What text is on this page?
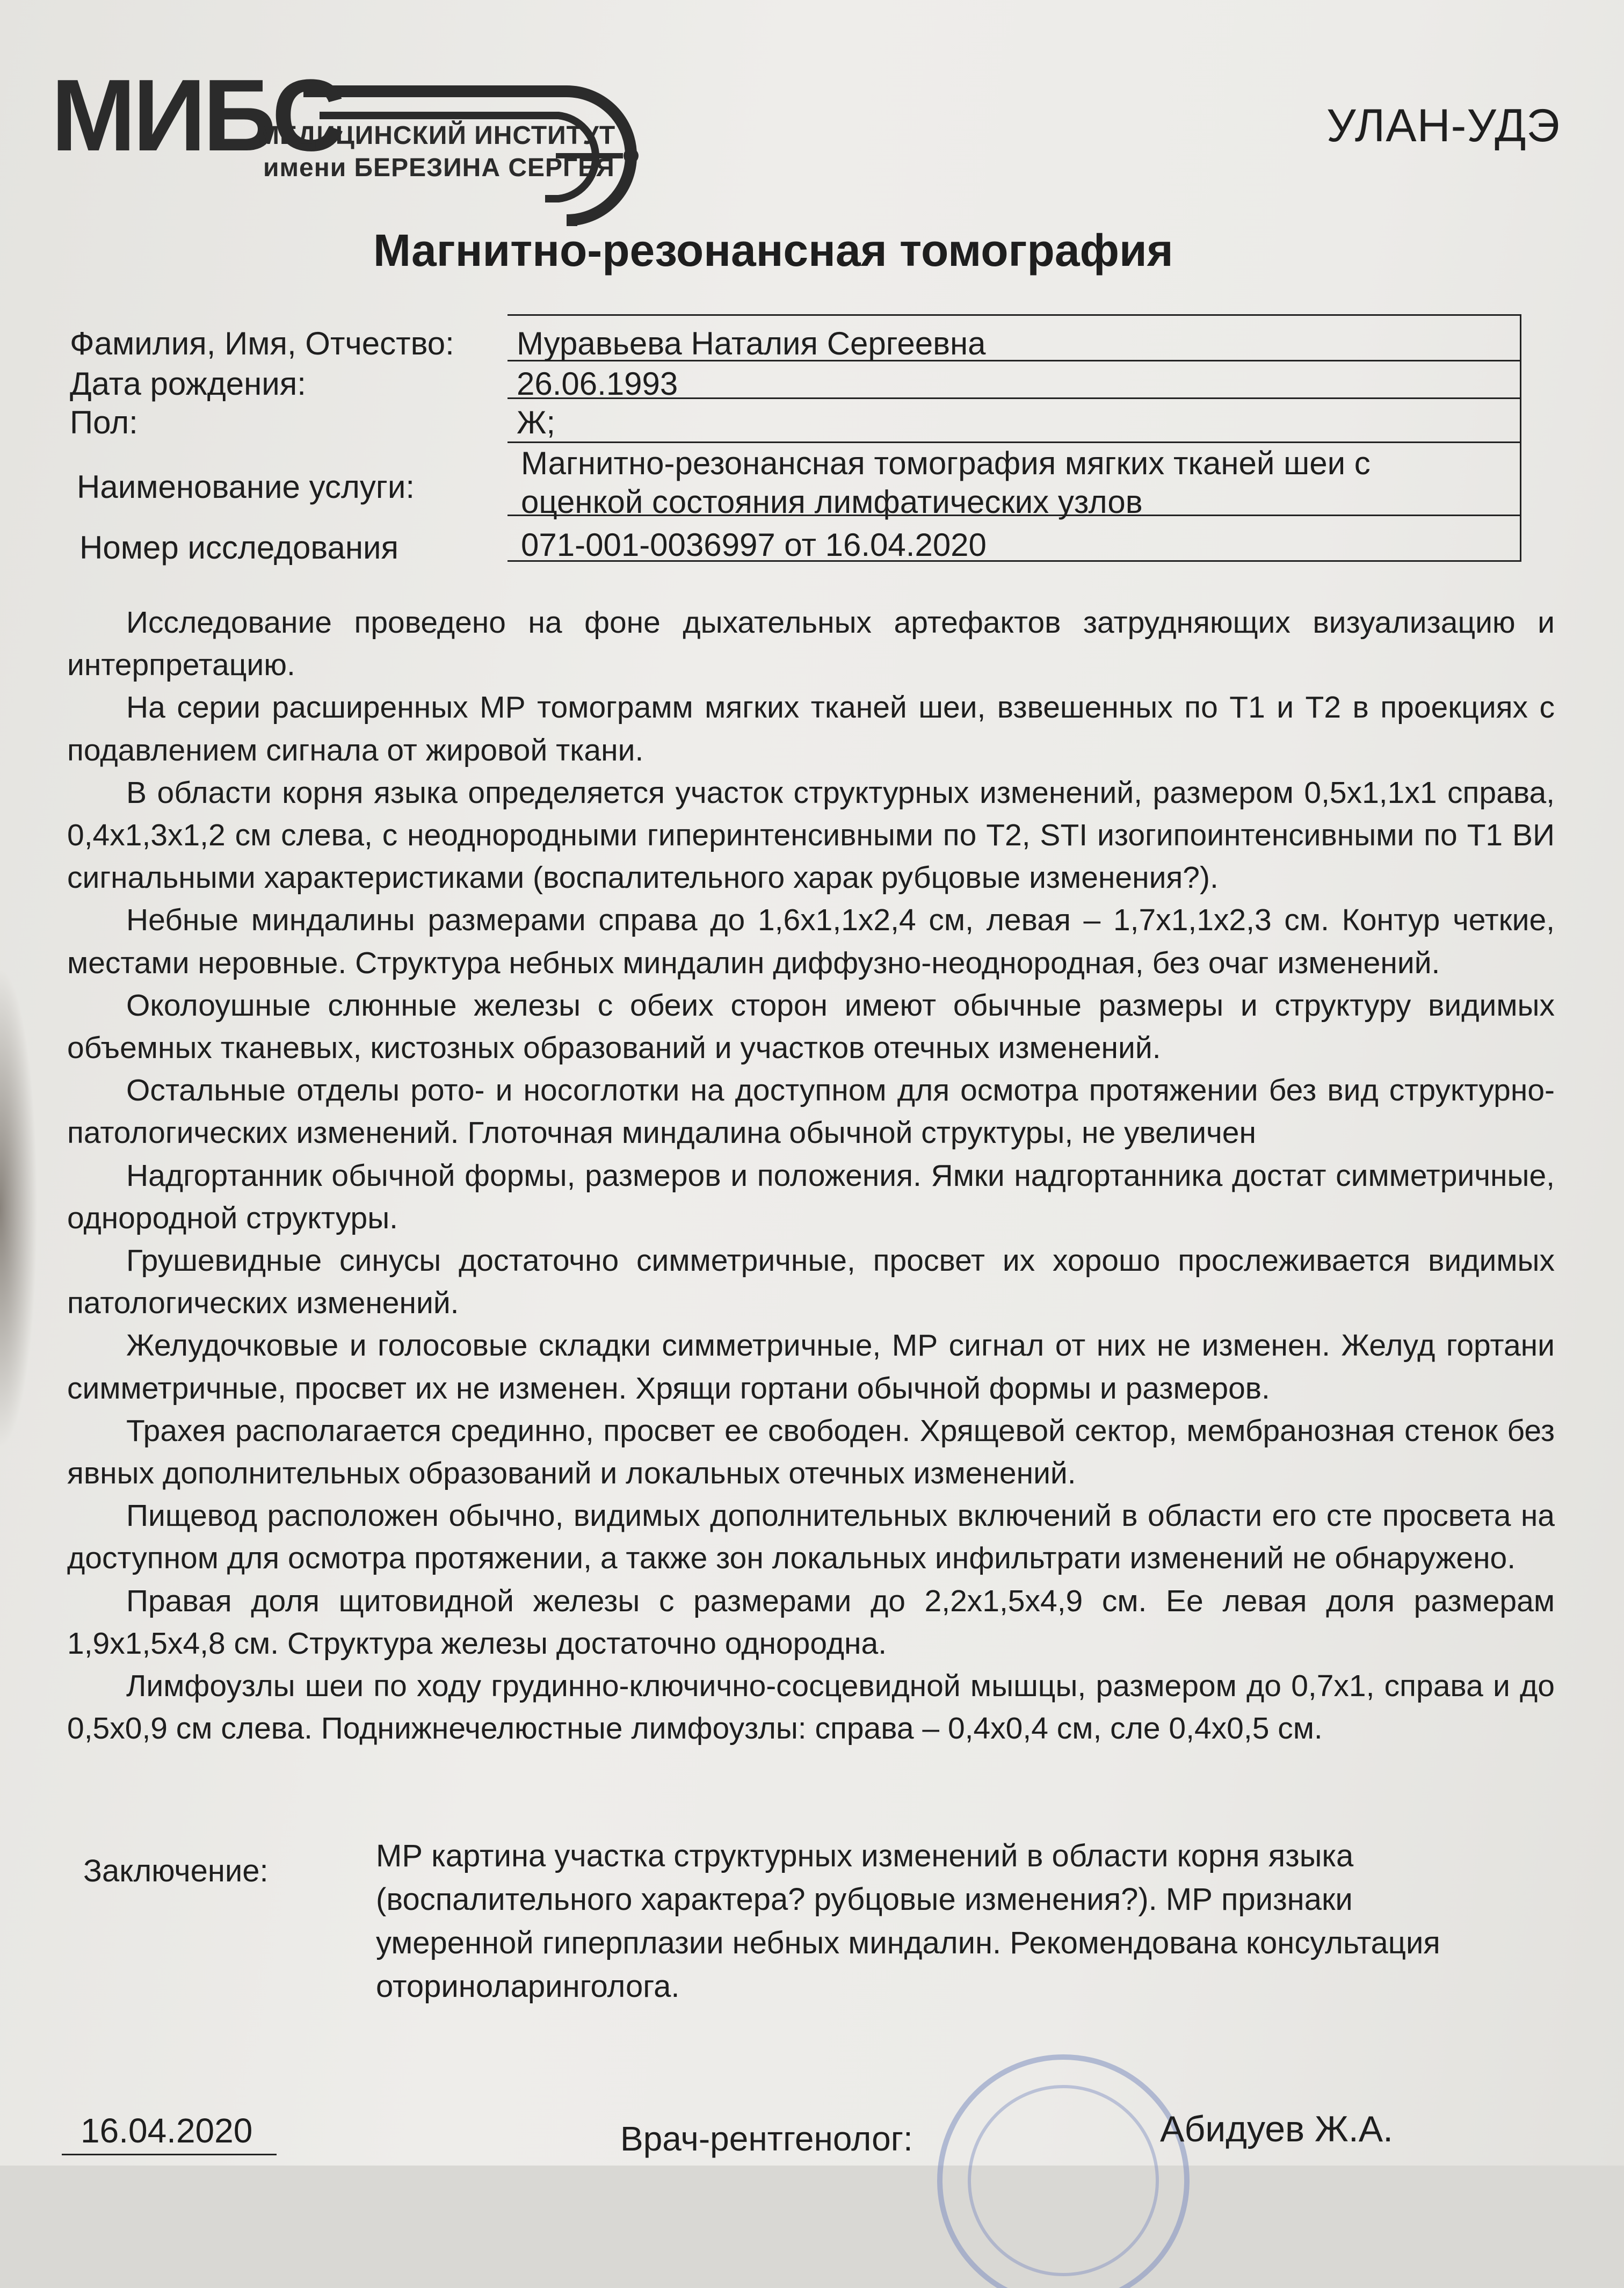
МИБС
МЕДИЦИНСКИЙ ИНСТИТУТ
имени БЕРЕЗИНА СЕРГЕЯ
УЛАН-УДЭ
Магнитно-резонансная томография
Фамилия, Имя, Отчество: Муравьева Наталия Сергеевна
Дата рождения:	26.06.1993
Пол:	Ж;
Наименование услуги:
Магнитно-резонансная томография мягких тканей шеи с
оценкой состояния лимфатических узлов
Номер исследования	071-001-0036997 от 16.04.2020

Исследование проведено на фоне дыхательных артефактов затрудняющих визуализацию и интерпретацию.

На серии расширенных МР томограмм мягких тканей шеи, взвешенных по Т1 и Т2 в проекциях с подавлением сигнала от жировой ткани.

В области корня языка определяется участок структурных изменений, размером 0,5х1,1х1 справа, 0,4х1,3х1,2 см слева, с неоднородными гиперинтенсивными по Т2, STI изогипоинтенсивными по Т1 ВИ сигнальными характеристиками (воспалительного харак рубцовые изменения?).

Небные миндалины размерами справа до 1,6х1,1х2,4 см, левая – 1,7х1,1х2,3 см. Контур четкие, местами неровные. Структура небных миндалин диффузно-неоднородная, без очаг изменений.

Околоушные слюнные железы с обеих сторон имеют обычные размеры и структуру видимых объемных тканевых, кистозных образований и участков отечных изменений.

Остальные отделы рото- и носоглотки на доступном для осмотра протяжении без вид структурно-патологических изменений. Глоточная миндалина обычной структуры, не увеличен

Надгортанник обычной формы, размеров и положения. Ямки надгортанника достат симметричные, однородной структуры.

Грушевидные синусы достаточно симметричные, просвет их хорошо прослеживается видимых патологических изменений.

Желудочковые и голосовые складки симметричные, МР сигнал от них не изменен. Желуд гортани симметричные, просвет их не изменен. Хрящи гортани обычной формы и размеров.

Трахея располагается срединно, просвет ее свободен. Хрящевой сектор, мембранозная стенок без явных дополнительных образований и локальных отечных изменений.

Пищевод расположен обычно, видимых дополнительных включений в области его сте просвета на доступном для осмотра протяжении, а также зон локальных инфильтрати изменений не обнаружено.

Правая доля щитовидной железы с размерами до 2,2х1,5х4,9 см. Ее левая доля размерам 1,9х1,5х4,8 см. Структура железы достаточно однородна.

Лимфоузлы шеи по ходу грудинно-ключично-сосцевидной мышцы, размером до 0,7х1, справа и до 0,5х0,9 см слева. Поднижнечелюстные лимфоузлы: справа – 0,4х0,4 см, сле 0,4х0,5 см.

Заключение:	МР картина участка структурных изменений в области корня языка (воспалительного характера? рубцовые изменения?). МР признаки умеренной гиперплазии небных миндалин. Рекомендована консультация оториноларинголога.
16.04.2020	Врач-рентгенолог:	Абидуев Ж.А.
